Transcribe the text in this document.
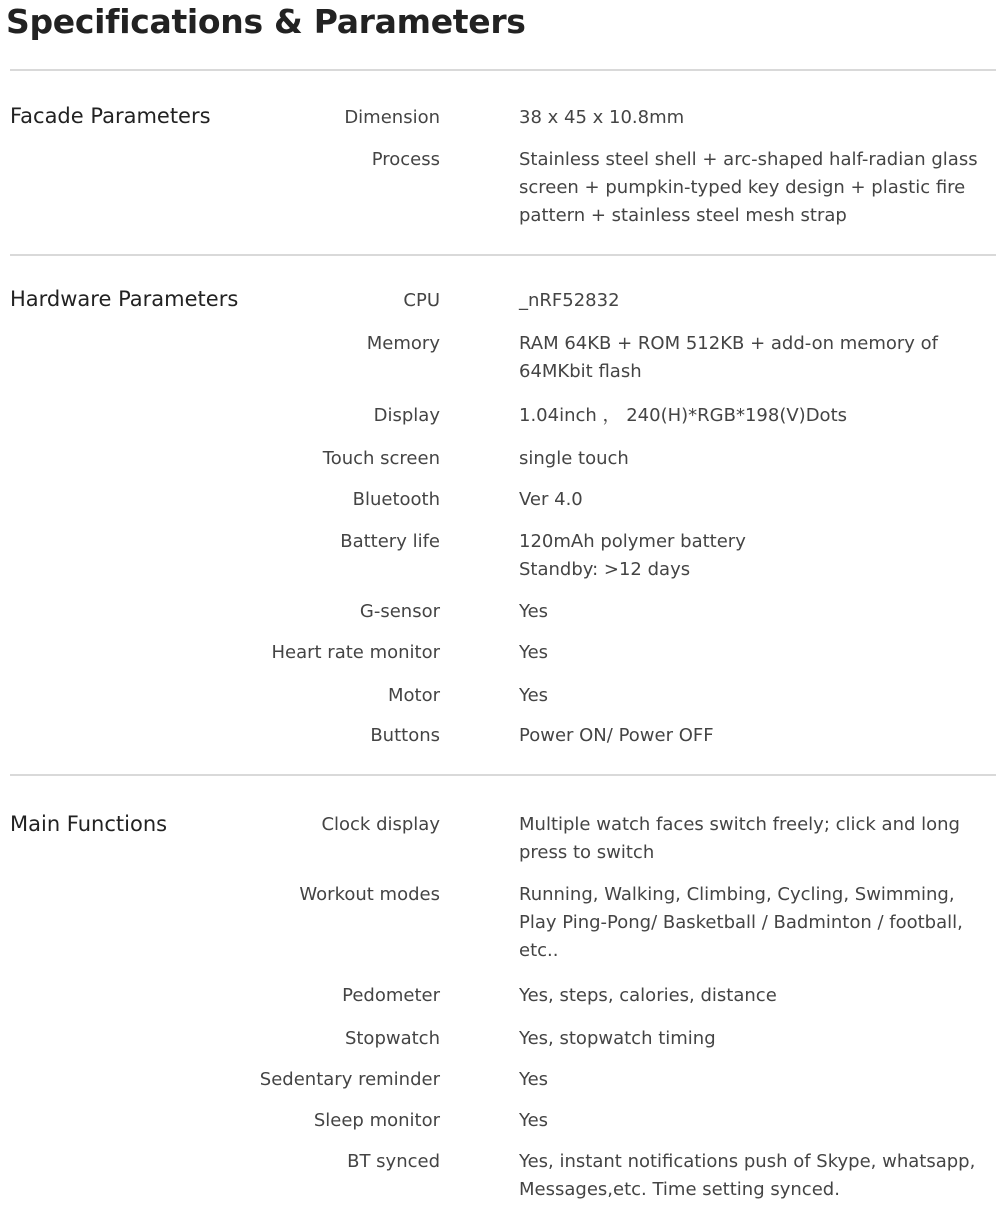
Specifications & Parameters
Facade Parameters	Dimension	38 x 45 x 10.8mm
Process	Stainless steel shell + arc-shaped half-radian glass
screen + pumpkin-typed key design + plastic fire
pattern + stainless steel mesh strap
Hardware Parameters	CPU	_nRF52832
Memory	RAM 64KB + ROM 512KB + add-on memory of
64MKbit flash
Display	1.04inch ， 240(H)*RGB*198(V)Dots
Touch screen	single touch
Bluetooth	Ver 4.0
Battery life	120mAh polymer battery
Standby: >12 days
G-sensor	Yes
Heart rate monitor	Yes
Motor	Yes
Buttons	Power ON/ Power OFF
Main Functions	Clock display	Multiple watch faces switch freely; click and long
press to switch
Workout modes	Running, Walking, Climbing, Cycling, Swimming,
Play Ping-Pong/ Basketball / Badminton / football,
etc..
Pedometer	Yes, steps, calories, distance
Stopwatch	Yes, stopwatch timing
Sedentary reminder	Yes
Sleep monitor	Yes
BT synced	Yes, instant notifications push of Skype, whatsapp,
Messages,etc. Time setting synced.
